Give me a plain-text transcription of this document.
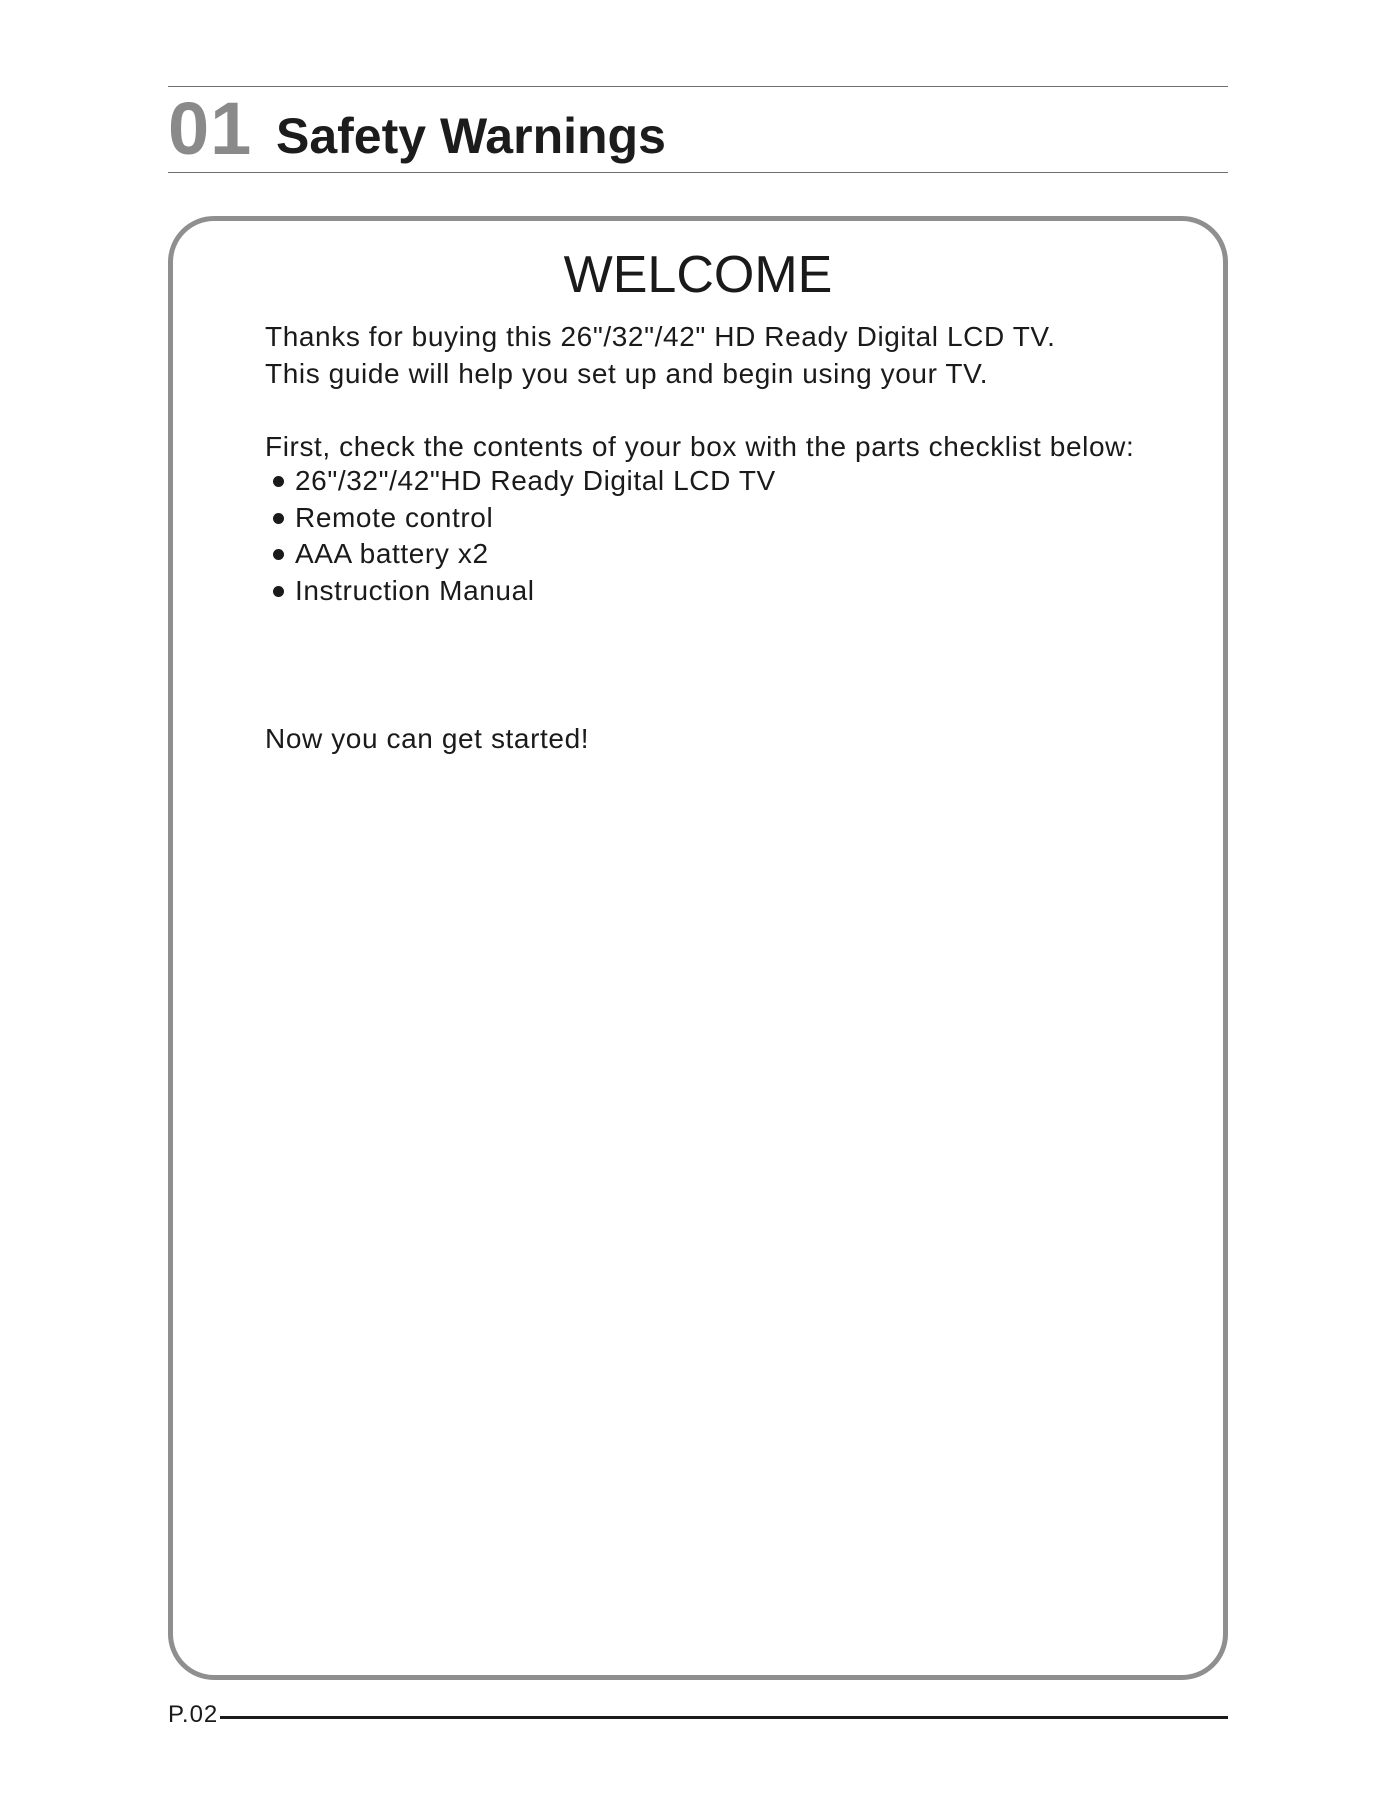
01 Safety Warnings
WELCOME
Thanks for buying this 26"/32"/42" HD Ready Digital LCD TV.
This guide will help you set up and begin using your TV.
First, check the contents of your box with the parts checklist below:
26"/32"/42"HD Ready Digital LCD TV
Remote control
AAA battery x2
Instruction Manual
Now you can get started!
P.02
